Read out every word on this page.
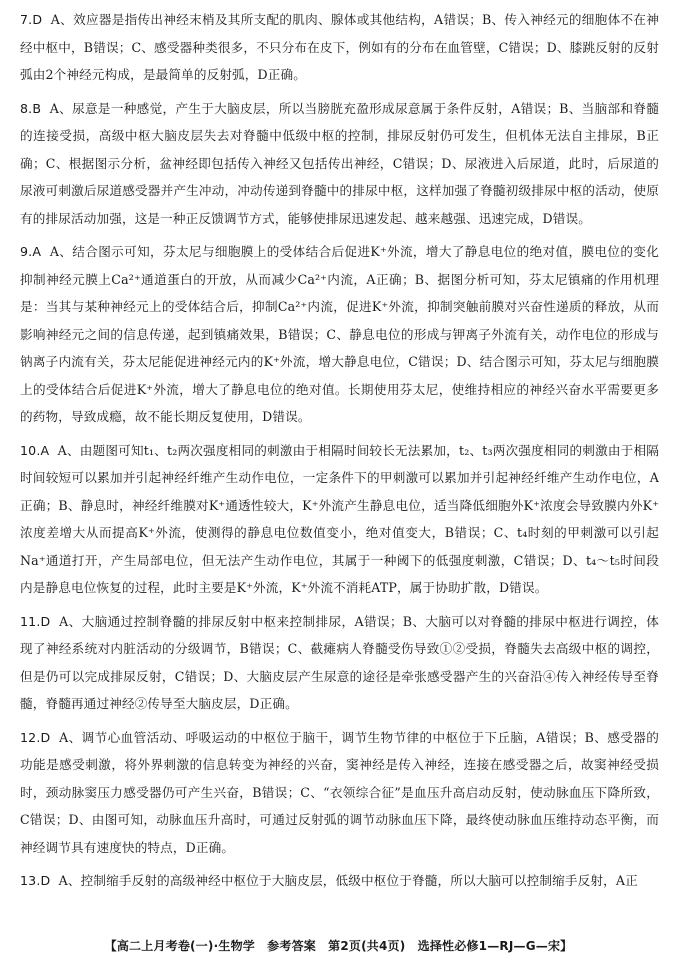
7.D A、效应器是指传出神经末梢及其所支配的肌肉、腺体或其他结构，A错误；B、传入神经元的细胞体不在神经中枢中，B错误；C、感受器种类很多，不只分布在皮下，例如有的分布在血管壁，C错误；D、膝跳反射的反射弧由2个神经元构成，是最简单的反射弧，D正确。

8.B A、尿意是一种感觉，产生于大脑皮层，所以当膀胱充盈形成尿意属于条件反射，A错误；B、当脑部和脊髓的连接受损，高级中枢大脑皮层失去对脊髓中低级中枢的控制，排尿反射仍可发生，但机体无法自主排尿，B正确；C、根据图示分析，盆神经即包括传入神经又包括传出神经，C错误；D、尿液进入后尿道，此时，后尿道的尿液可刺激后尿道感受器并产生冲动，冲动传递到脊髓中的排尿中枢，这样加强了脊髓初级排尿中枢的活动，使原有的排尿活动加强，这是一种正反馈调节方式，能够使排尿迅速发起、越来越强、迅速完成，D错误。

9.A A、结合图示可知，芬太尼与细胞膜上的受体结合后促进K⁺外流，增大了静息电位的绝对值，膜电位的变化抑制神经元膜上Ca²⁺通道蛋白的开放，从而减少Ca²⁺内流，A正确；B、据图分析可知，芬太尼镇痛的作用机理是：当其与某种神经元上的受体结合后，抑制Ca²⁺内流，促进K⁺外流，抑制突触前膜对兴奋性递质的释放，从而影响神经元之间的信息传递，起到镇痛效果，B错误；C、静息电位的形成与钾离子外流有关，动作电位的形成与钠离子内流有关，芬太尼能促进神经元内的K⁺外流，增大静息电位，C错误；D、结合图示可知，芬太尼与细胞膜上的受体结合后促进K⁺外流，增大了静息电位的绝对值。长期使用芬太尼，使维持相应的神经兴奋水平需要更多的药物，导致成瘾，故不能长期反复使用，D错误。

10.A A、由题图可知t₁、t₂两次强度相同的刺激由于相隔时间较长无法累加，t₂、t₃两次强度相同的刺激由于相隔时间较短可以累加并引起神经纤维产生动作电位，一定条件下的甲刺激可以累加并引起神经纤维产生动作电位，A正确；B、静息时，神经纤维膜对K⁺通透性较大，K⁺外流产生静息电位，适当降低细胞外K⁺浓度会导致膜内外K⁺浓度差增大从而提高K⁺外流，使测得的静息电位数值变小，绝对值变大，B错误；C、t₄时刻的甲刺激可以引起Na⁺通道打开，产生局部电位，但无法产生动作电位，其属于一种阈下的低强度刺激，C错误；D、t₄～t₅时间段内是静息电位恢复的过程，此时主要是K⁺外流，K⁺外流不消耗ATP，属于协助扩散，D错误。

11.D A、大脑通过控制脊髓的排尿反射中枢来控制排尿，A错误；B、大脑可以对脊髓的排尿中枢进行调控，体现了神经系统对内脏活动的分级调节，B错误；C、截瘫病人脊髓受伤导致①②受损，脊髓失去高级中枢的调控，但是仍可以完成排尿反射，C错误；D、大脑皮层产生尿意的途径是牵张感受器产生的兴奋沿④传入神经传导至脊髓，脊髓再通过神经②传导至大脑皮层，D正确。

12.D A、调节心血管活动、呼吸运动的中枢位于脑干，调节生物节律的中枢位于下丘脑，A错误；B、感受器的功能是感受刺激，将外界刺激的信息转变为神经的兴奋，窦神经是传入神经，连接在感受器之后，故窦神经受损时，颈动脉窦压力感受器仍可产生兴奋，B错误；C、“衣领综合征”是血压升高启动反射，使动脉血压下降所致，C错误；D、由图可知，动脉血压升高时，可通过反射弧的调节动脉血压下降，最终使动脉血压维持动态平衡，而神经调节具有速度快的特点，D正确。

13.D A、控制缩手反射的高级神经中枢位于大脑皮层，低级中枢位于脊髓，所以大脑可以控制缩手反射，A正

【高二上月考卷(一)·生物学　参考答案　第2页(共4页)　选择性必修1—RJ—G—宋】
